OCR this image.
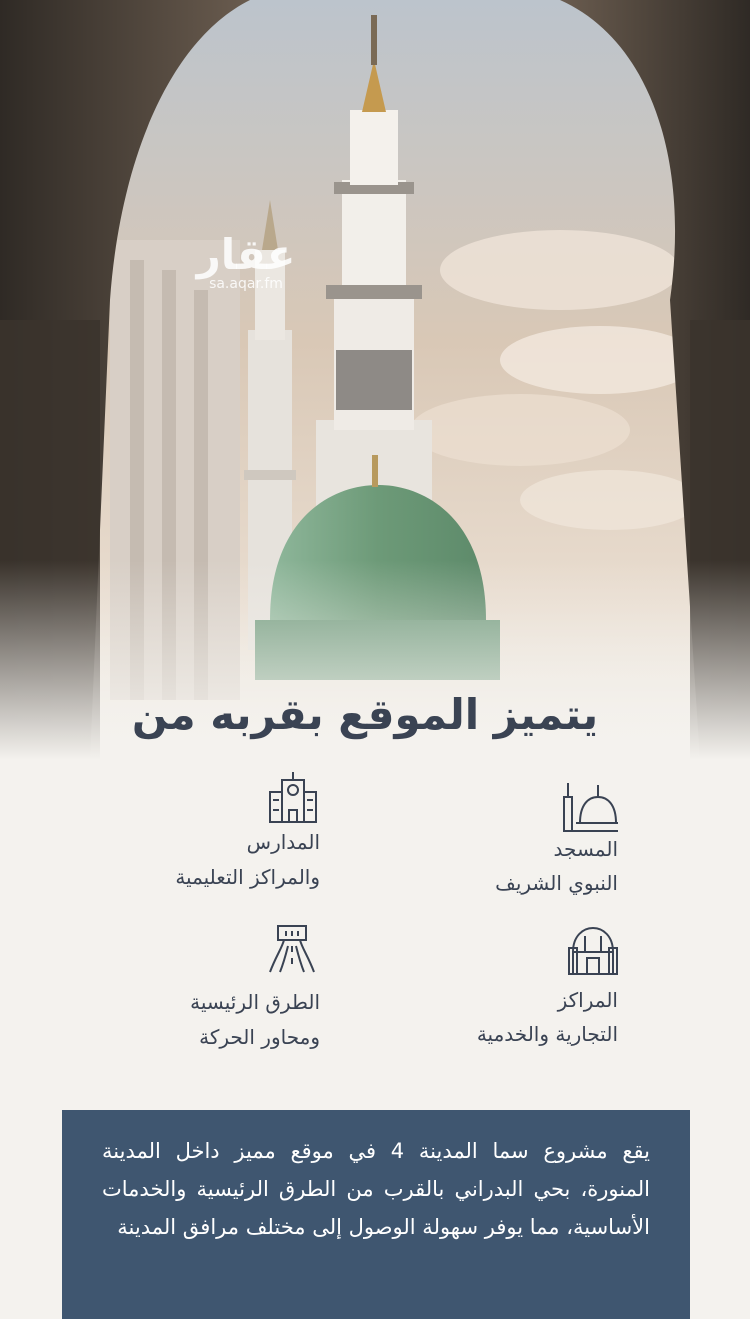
عقار
sa.aqar.fm
يتميز الموقع بقربه من
المسجد
النبوي الشريف
المدارس
والمراكز التعليمية
المراكز
التجارية والخدمية
الطرق الرئيسية
ومحاور الحركة
يقع مشروع سما المدينة 4 في موقع مميز داخل المدينة المنورة، بحي البدراني بالقرب من الطرق الرئيسية والخدمات الأساسية، مما يوفر سهولة الوصول إلى مختلف مرافق المدينة
